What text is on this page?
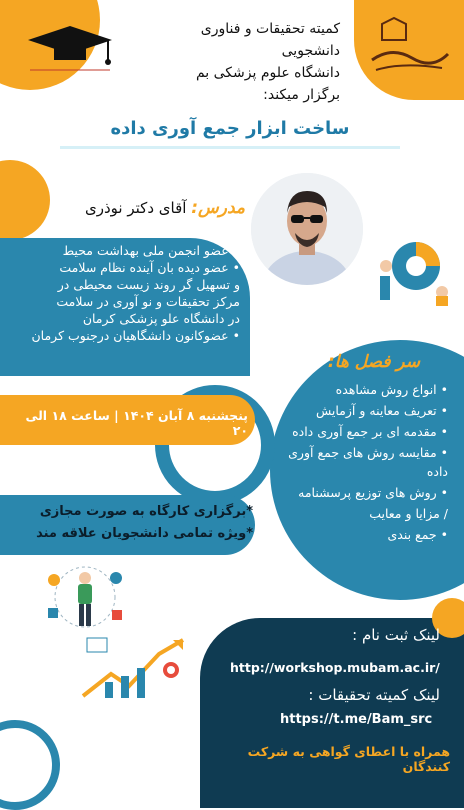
کمیته تحقیقات و فناوری دانشجویی
دانشگاه علوم پزشکی بم
برگزار میکند:
ساخت ابزار جمع آوری داده
مدرس: آقای دکتر نوذری
• عضو انجمن ملی بهداشت محیط
• عضو دیده بان آینده نظام سلامت
و تسهیل گر روند زیست محیطی در
مرکز تحقیقات و نو آوری در سلامت
در دانشگاه علو پزشکی کرمان
• عضوکانون دانشگاهیان درجنوب کرمان
پنجشنبه ۸ آبان ۱۴۰۴ | ساعت ۱۸ الی ۲۰
*برگزاری کارگاه به صورت مجازی
*ویژه تمامی دانشجویان علاقه مند
سر فصل ها:
• انواع روش مشاهده
• تعریف معاینه و آزمایش
• مقدمه ای بر جمع آوری داده
• مقایسه روش های جمع آوری داده
• روش های توزیع پرسشنامه
/ مزایا و معایب
• جمع بندی
لینک ثبت نام :
http://workshop.mubam.ac.ir/
لینک کمیته تحقیقات :
https://t.me/Bam_src
همراه با اعطای گواهی به شرکت کنندگان
